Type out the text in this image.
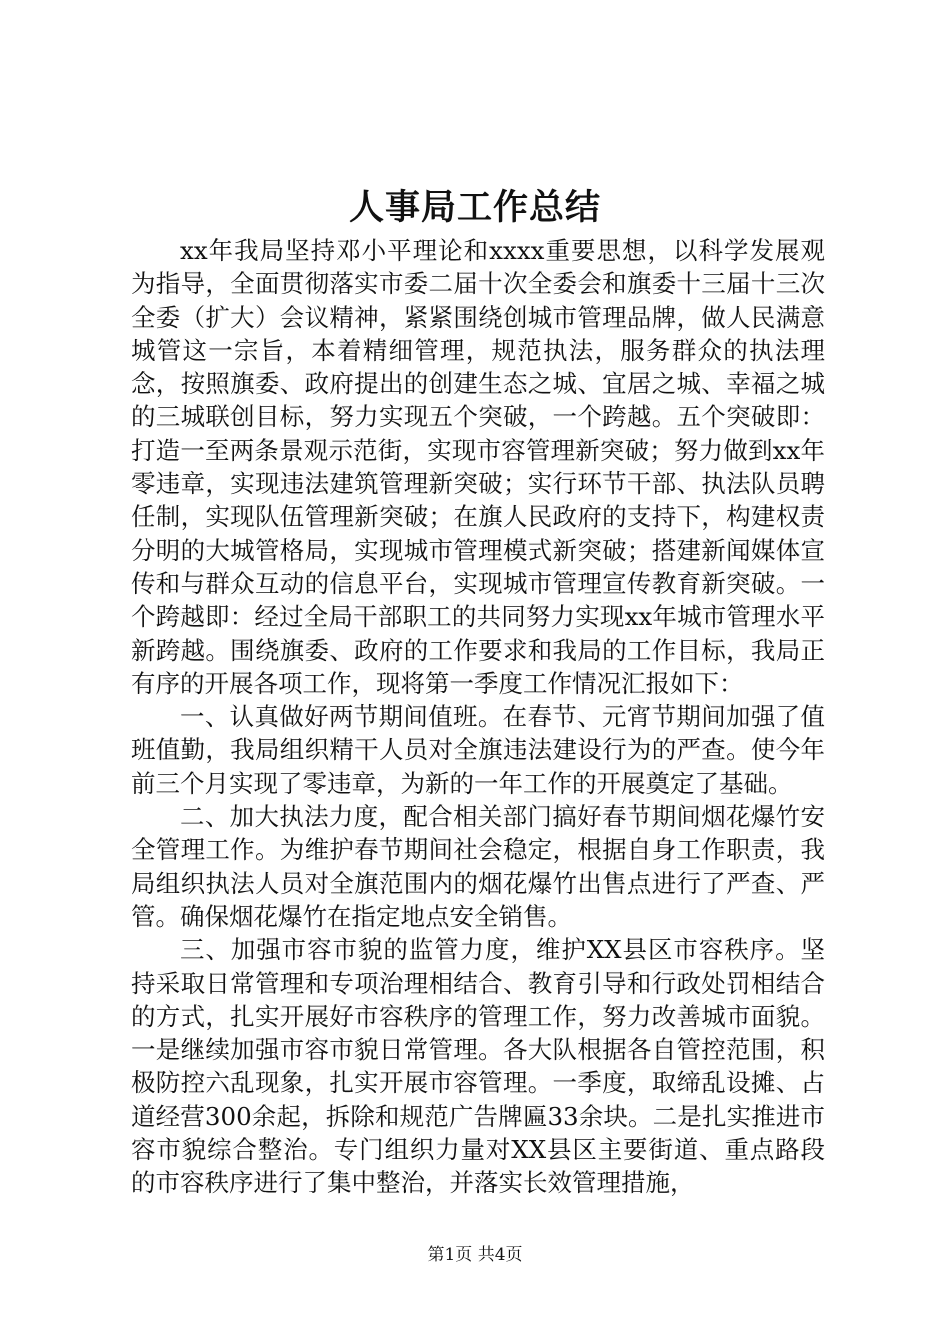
人事局工作总结

xx年我局坚持邓小平理论和xxxx重要思想，以科学发展观为指导，全面贯彻落实市委二届十次全委会和旗委十三届十三次全委（扩大）会议精神，紧紧围绕创城市管理品牌，做人民满意城管这一宗旨，本着精细管理，规范执法，服务群众的执法理念，按照旗委、政府提出的创建生态之城、宜居之城、幸福之城的三城联创目标，努力实现五个突破，一个跨越。五个突破即：打造一至两条景观示范街，实现市容管理新突破；努力做到xx年零违章，实现违法建筑管理新突破；实行环节干部、执法队员聘任制，实现队伍管理新突破；在旗人民政府的支持下，构建权责分明的大城管格局，实现城市管理模式新突破；搭建新闻媒体宣传和与群众互动的信息平台，实现城市管理宣传教育新突破。一个跨越即：经过全局干部职工的共同努力实现xx年城市管理水平新跨越。围绕旗委、政府的工作要求和我局的工作目标，我局正有序的开展各项工作，现将第一季度工作情况汇报如下：

一、认真做好两节期间值班。在春节、元宵节期间加强了值班值勤，我局组织精干人员对全旗违法建设行为的严查。使今年前三个月实现了零违章，为新的一年工作的开展奠定了基础。

二、加大执法力度，配合相关部门搞好春节期间烟花爆竹安全管理工作。为维护春节期间社会稳定，根据自身工作职责，我局组织执法人员对全旗范围内的烟花爆竹出售点进行了严查、严管。确保烟花爆竹在指定地点安全销售。

三、加强市容市貌的监管力度，维护XX县区市容秩序。坚持采取日常管理和专项治理相结合、教育引导和行政处罚相结合的方式，扎实开展好市容秩序的管理工作，努力改善城市面貌。一是继续加强市容市貌日常管理。各大队根据各自管控范围，积极防控六乱现象，扎实开展市容管理。一季度，取缔乱设摊、占道经营300余起，拆除和规范广告牌匾33余块。二是扎实推进市容市貌综合整治。专门组织力量对XX县区主要街道、重点路段的市容秩序进行了集中整治，并落实长效管理措施，

第1页 共4页
